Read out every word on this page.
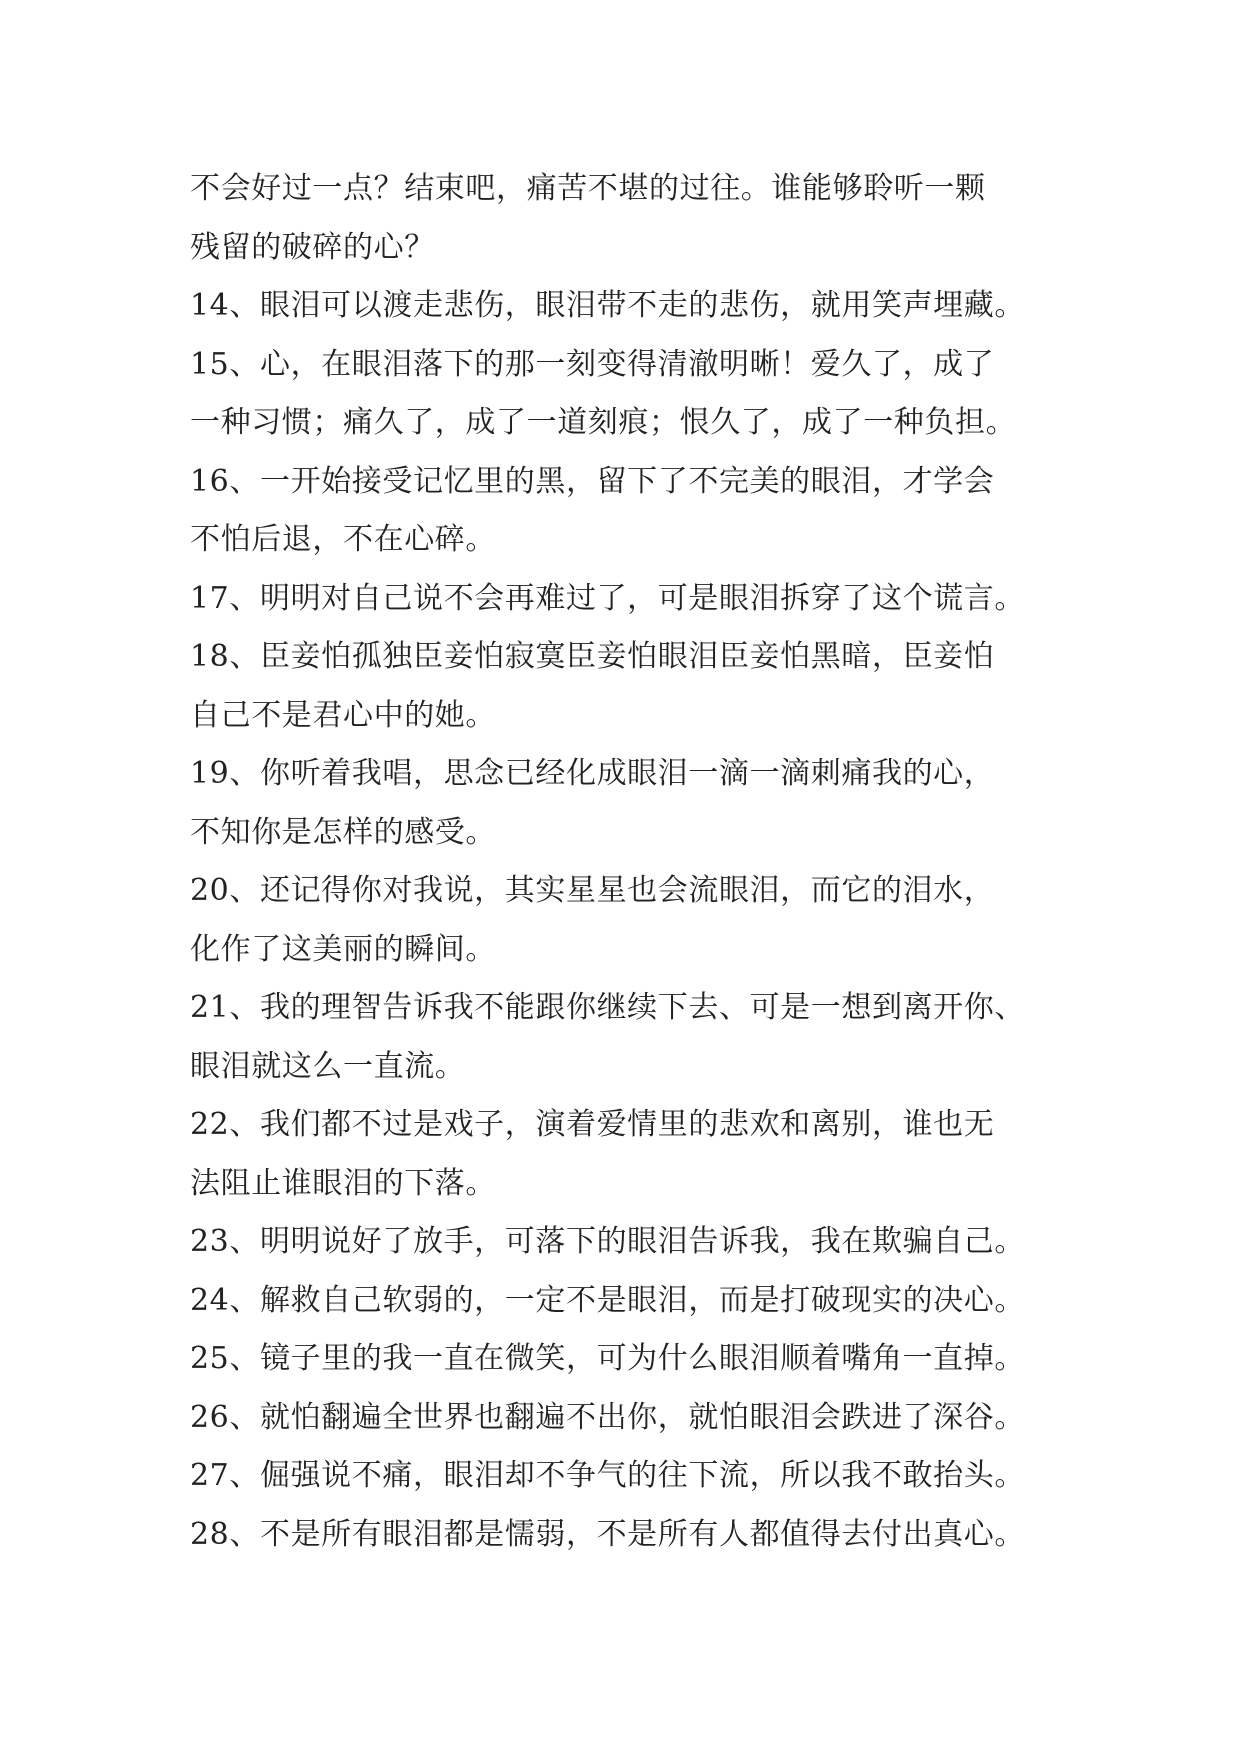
不会好过一点？结束吧，痛苦不堪的过往。谁能够聆听一颗
残留的破碎的心？
14、眼泪可以渡走悲伤，眼泪带不走的悲伤，就用笑声埋藏。
15、心，在眼泪落下的那一刻变得清澈明晰！爱久了，成了
一种习惯；痛久了，成了一道刻痕；恨久了，成了一种负担。
16、一开始接受记忆里的黑，留下了不完美的眼泪，才学会
不怕后退，不在心碎。
17、明明对自己说不会再难过了，可是眼泪拆穿了这个谎言。
18、臣妾怕孤独臣妾怕寂寞臣妾怕眼泪臣妾怕黑暗，臣妾怕
自己不是君心中的她。
19、你听着我唱，思念已经化成眼泪一滴一滴刺痛我的心，
不知你是怎样的感受。
20、还记得你对我说，其实星星也会流眼泪，而它的泪水，
化作了这美丽的瞬间。
21、我的理智告诉我不能跟你继续下去、可是一想到离开你、
眼泪就这么一直流。
22、我们都不过是戏子，演着爱情里的悲欢和离别，谁也无
法阻止谁眼泪的下落。
23、明明说好了放手，可落下的眼泪告诉我，我在欺骗自己。
24、解救自己软弱的，一定不是眼泪，而是打破现实的决心。
25、镜子里的我一直在微笑，可为什么眼泪顺着嘴角一直掉。
26、就怕翻遍全世界也翻遍不出你，就怕眼泪会跌进了深谷。
27、倔强说不痛，眼泪却不争气的往下流，所以我不敢抬头。
28、不是所有眼泪都是懦弱，不是所有人都值得去付出真心。
